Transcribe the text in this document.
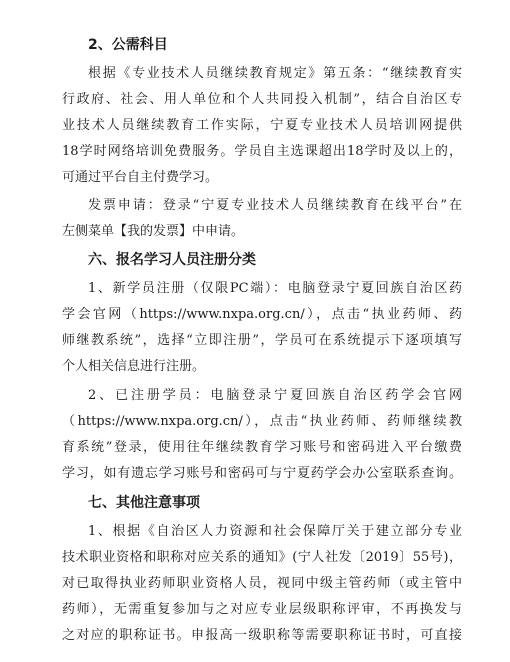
2、公需科目
根据《专业技术人员继续教育规定》第五条：“继续教育实
行政府、社会、用人单位和个人共同投入机制”，结合自治区专
业技术人员继续教育工作实际，宁夏专业技术人员培训网提供
18学时网络培训免费服务。学员自主选课超出18学时及以上的，
可通过平台自主付费学习。
发票申请：登录“宁夏专业技术人员继续教育在线平台”在
左侧菜单【我的发票】中申请。
六、报名学习人员注册分类
1、新学员注册（仅限PC端）：电脑登录宁夏回族自治区药
学会官网（https://www.nxpa.org.cn/），点击“执业药师、药
师继教系统”，选择“立即注册”，学员可在系统提示下逐项填写
个人相关信息进行注册。
2、已注册学员：电脑登录宁夏回族自治区药学会官网
（https://www.nxpa.org.cn/），点击“执业药师、药师继续教
育系统”登录，使用往年继续教育学习账号和密码进入平台缴费
学习，如有遗忘学习账号和密码可与宁夏药学会办公室联系查询。
七、其他注意事项
1、根据《自治区人力资源和社会保障厅关于建立部分专业
技术职业资格和职称对应关系的通知》(宁人社发〔2019〕55号)，
对已取得执业药师职业资格人员，视同中级主管药师（或主管中
药师），无需重复参加与之对应专业层级职称评审，不再换发与
之对应的职称证书。申报高一级职称等需要职称证书时，可直接
